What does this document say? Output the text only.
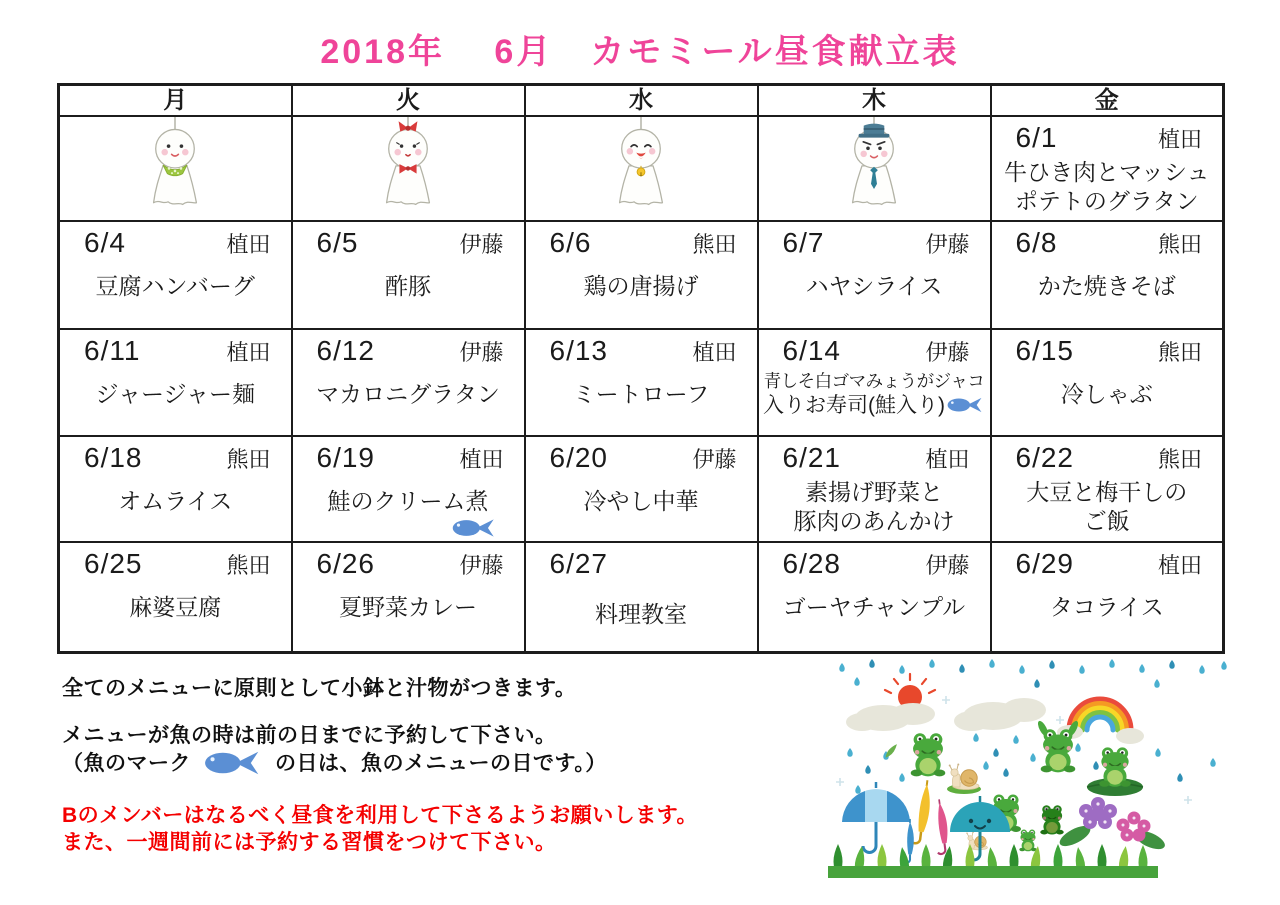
2018年　 6月　カモミール昼食献立表
月	火	水	木	金

6/1 植田
牛ひき肉とマッシュ
ポテトのグラタン

6/4	植田
豆腐ハンバーグ

6/5	伊藤
酢豚

6/6	熊田
鶏の唐揚げ

6/7	伊藤
ハヤシライス

6/8	熊田
かた焼きそば

6/11	植田
ジャージャー麺

6/12	伊藤
マカロニグラタン

6/13	植田
ミートローフ

6/14	伊藤
青しそ白ゴマみょうがジャコ
入りお寿司(鮭入り)

6/15	熊田
冷しゃぶ

6/18	熊田
オムライス

6/19	植田
鮭のクリーム煮

6/20	伊藤
冷やし中華

6/21	植田
素揚げ野菜と
豚肉のあんかけ

6/22	熊田
大豆と梅干しの
ご飯

6/25	熊田
麻婆豆腐

6/26	伊藤
夏野菜カレー

6/27
料理教室

6/28	伊藤
ゴーヤチャンプル

6/29	植田
タコライス
全てのメニューに原則として小鉢と汁物がつきます。
メニューが魚の時は前の日までに予約して下さい。
（魚のマーク	の日は、魚のメニューの日です。）
Bのメンバーはなるべく昼食を利用して下さるようお願いします。
また、一週間前には予約する習慣をつけて下さい。
